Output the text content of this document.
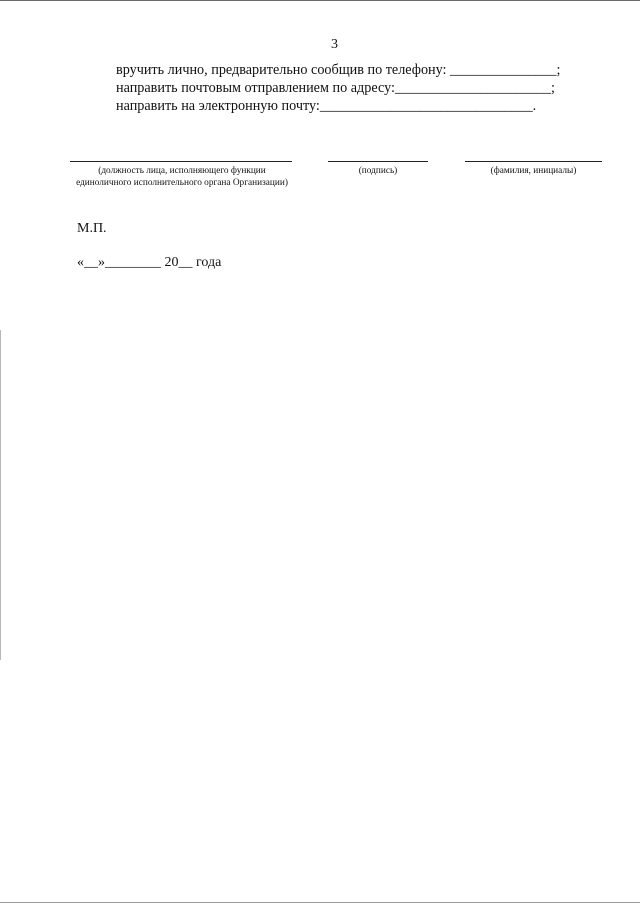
3
вручить лично, предварительно сообщив по телефону: _______________;
направить почтовым отправлением по адресу:______________________;
направить на электронную почту:______________________________.
(должность лица, исполняющего функции единоличного исполнительного органа Организации)
(подпись)	(фамилия, инициалы)
М.П.
«__»________ 20__ года
